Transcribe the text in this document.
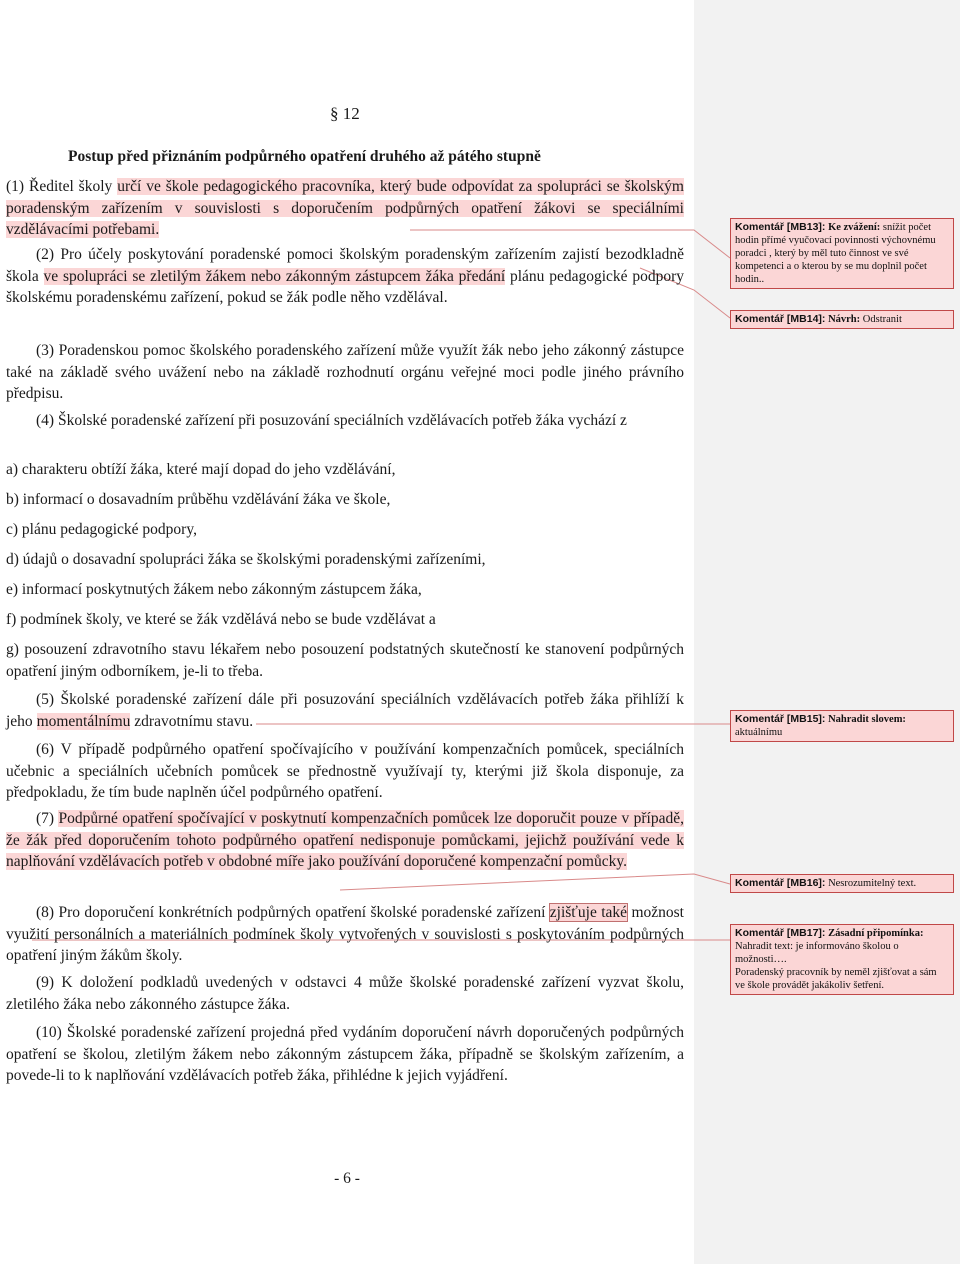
§ 12
Postup před přiznáním podpůrného opatření druhého až pátého stupně

(1) Ředitel školy určí ve škole pedagogického pracovníka, který bude odpovídat za spolupráci se školským poradenským zařízením v souvislosti s doporučením podpůrných opatření žákovi se speciálními vzdělávacími potřebami.

(2) Pro účely poskytování poradenské pomoci školským poradenským zařízením zajistí bezodkladně škola ve spolupráci se zletilým žákem nebo zákonným zástupcem žáka předání plánu pedagogické podpory školskému poradenskému zařízení, pokud se žák podle něho vzdělával.

(3) Poradenskou pomoc školského poradenského zařízení může využít žák nebo jeho zákonný zástupce také na základě svého uvážení nebo na základě rozhodnutí orgánu veřejné moci podle jiného právního předpisu.

(4) Školské poradenské zařízení při posuzování speciálních vzdělávacích potřeb žáka vychází z

a) charakteru obtíží žáka, které mají dopad do jeho vzdělávání,

b) informací o dosavadním průběhu vzdělávání žáka ve škole,

c) plánu pedagogické podpory,

d) údajů o dosavadní spolupráci žáka se školskými poradenskými zařízeními,

e) informací poskytnutých žákem nebo zákonným zástupcem žáka,

f) podmínek školy, ve které se žák vzdělává nebo se bude vzdělávat a

g) posouzení zdravotního stavu lékařem nebo posouzení podstatných skutečností ke stanovení podpůrných opatření jiným odborníkem, je-li to třeba.

(5) Školské poradenské zařízení dále při posuzování speciálních vzdělávacích potřeb žáka přihlíží k jeho momentálnímu zdravotnímu stavu.

(6) V případě podpůrného opatření spočívajícího v používání kompenzačních pomůcek, speciálních učebnic a speciálních učebních pomůcek se přednostně využívají ty, kterými již škola disponuje, za předpokladu, že tím bude naplněn účel podpůrného opatření.

(7) Podpůrné opatření spočívající v poskytnutí kompenzačních pomůcek lze doporučit pouze v případě, že žák před doporučením tohoto podpůrného opatření nedisponuje pomůckami, jejichž používání vede k naplňování vzdělávacích potřeb v obdobné míře jako používání doporučené kompenzační pomůcky.

(8) Pro doporučení konkrétních podpůrných opatření školské poradenské zařízení zjišťuje také možnost využití personálních a materiálních podmínek školy vytvořených v souvislosti s poskytováním podpůrných opatření jiným žákům školy.

(9) K doložení podkladů uvedených v odstavci 4 může školské poradenské zařízení vyzvat školu, zletilého žáka nebo zákonného zástupce žáka.

(10) Školské poradenské zařízení projedná před vydáním doporučení návrh doporučených podpůrných opatření se školou, zletilým žákem nebo zákonným zástupcem žáka, případně se školským zařízením, a povede-li to k naplňování vzdělávacích potřeb žáka, přihlédne k jejich vyjádření.

- 6 -
Komentář [MB13]: Ke zvážení: snížit počet hodin přímé vyučovací povinnosti výchovnému poradci , který by měl tuto činnost ve své kompetenci a o kterou by se mu doplnil počet hodin..
Komentář [MB14]: Návrh: Odstranit
Komentář [MB15]: Nahradit slovem: aktuálnímu
Komentář [MB16]: Nesrozumitelný text.
Komentář [MB17]: Zásadní připomínka: Nahradit text: je informováno školou o možnosti….
Poradenský pracovník by neměl zjišťovat a sám ve škole provádět jakákoliv šetření.
